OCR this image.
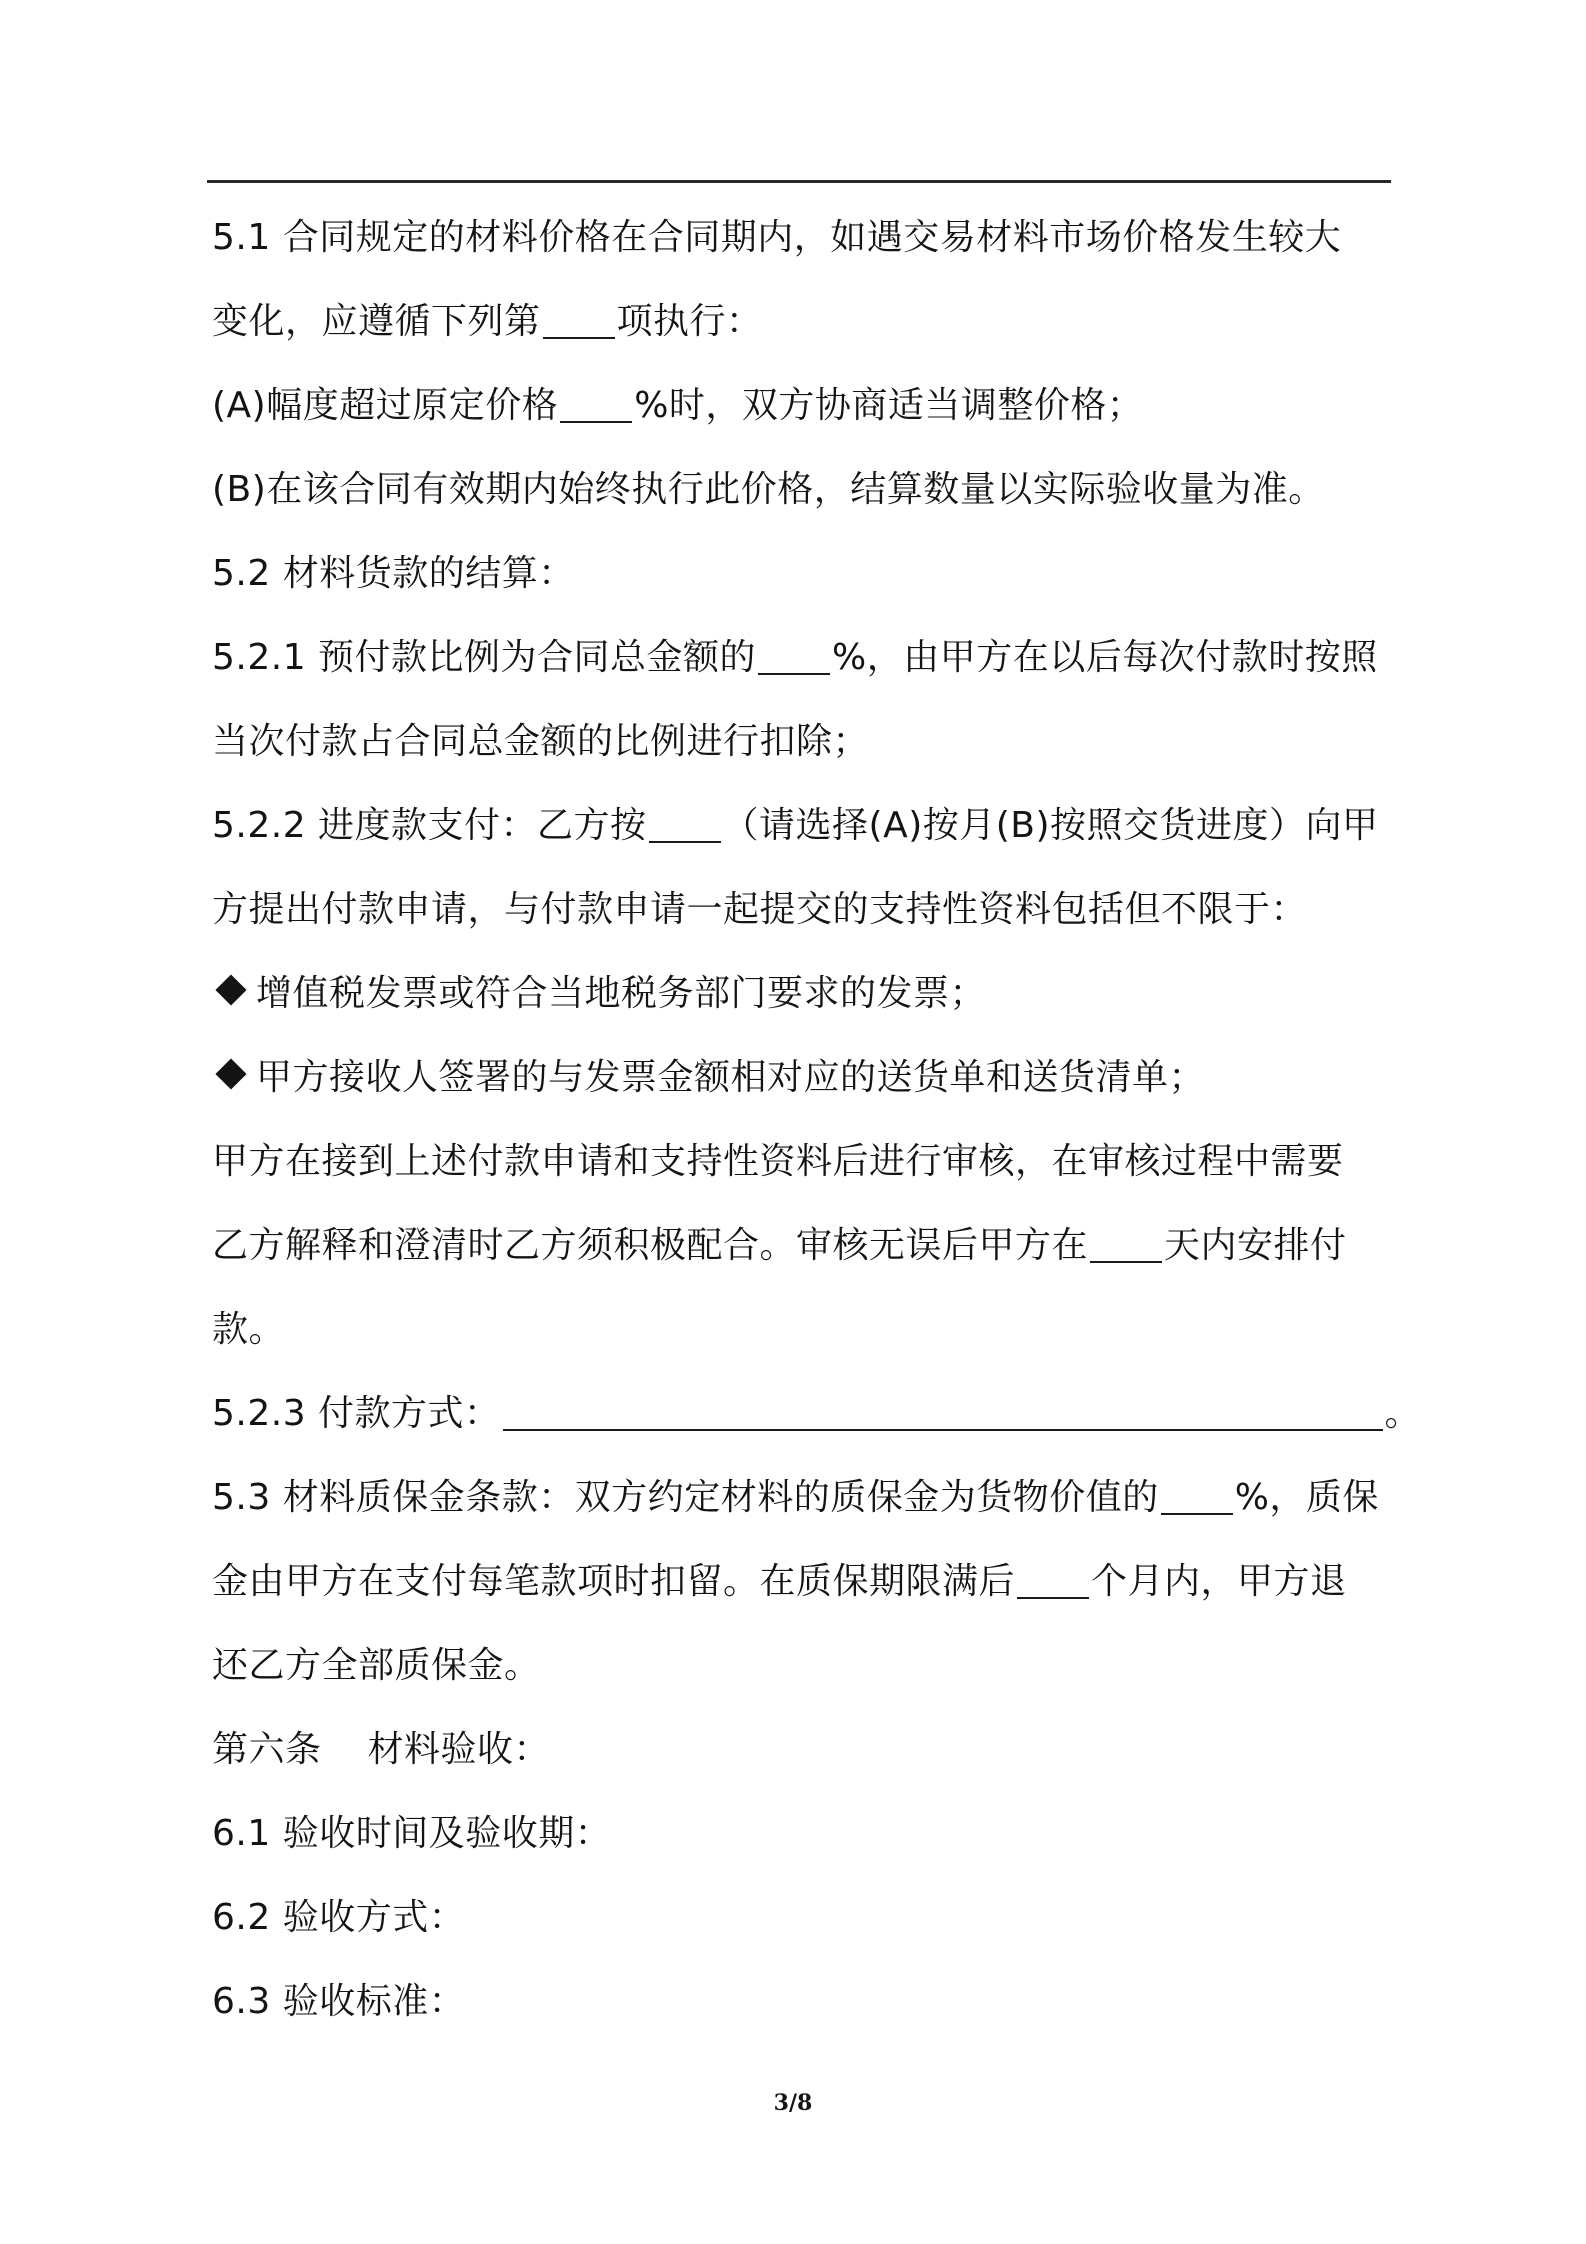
5.1 合同规定的材料价格在合同期内，如遇交易材料市场价格发生较大
变化，应遵循下列第 项执行：
(A)幅度超过原定价格 %时，双方协商适当调整价格；
(B)在该合同有效期内始终执行此价格，结算数量以实际验收量为准。
5.2 材料货款的结算：
5.2.1 预付款比例为合同总金额的 %，由甲方在以后每次付款时按照
当次付款占合同总金额的比例进行扣除；
5.2.2 进度款支付：乙方按 （请选择(A)按月(B)按照交货进度）向甲
方提出付款申请，与付款申请一起提交的支持性资料包括但不限于：
增值税发票或符合当地税务部门要求的发票；
甲方接收人签署的与发票金额相对应的送货单和送货清单；
甲方在接到上述付款申请和支持性资料后进行审核，在审核过程中需要
乙方解释和澄清时乙方须积极配合。审核无误后甲方在 天内安排付
款。
5.2.3 付款方式：	。
5.3 材料质保金条款：双方约定材料的质保金为货物价值的 %，质保
金由甲方在支付每笔款项时扣留。在质保期限满后 个月内，甲方退
还乙方全部质保金。
第六条 材料验收：
6.1 验收时间及验收期：
6.2 验收方式：
6.3 验收标准：
3/8
